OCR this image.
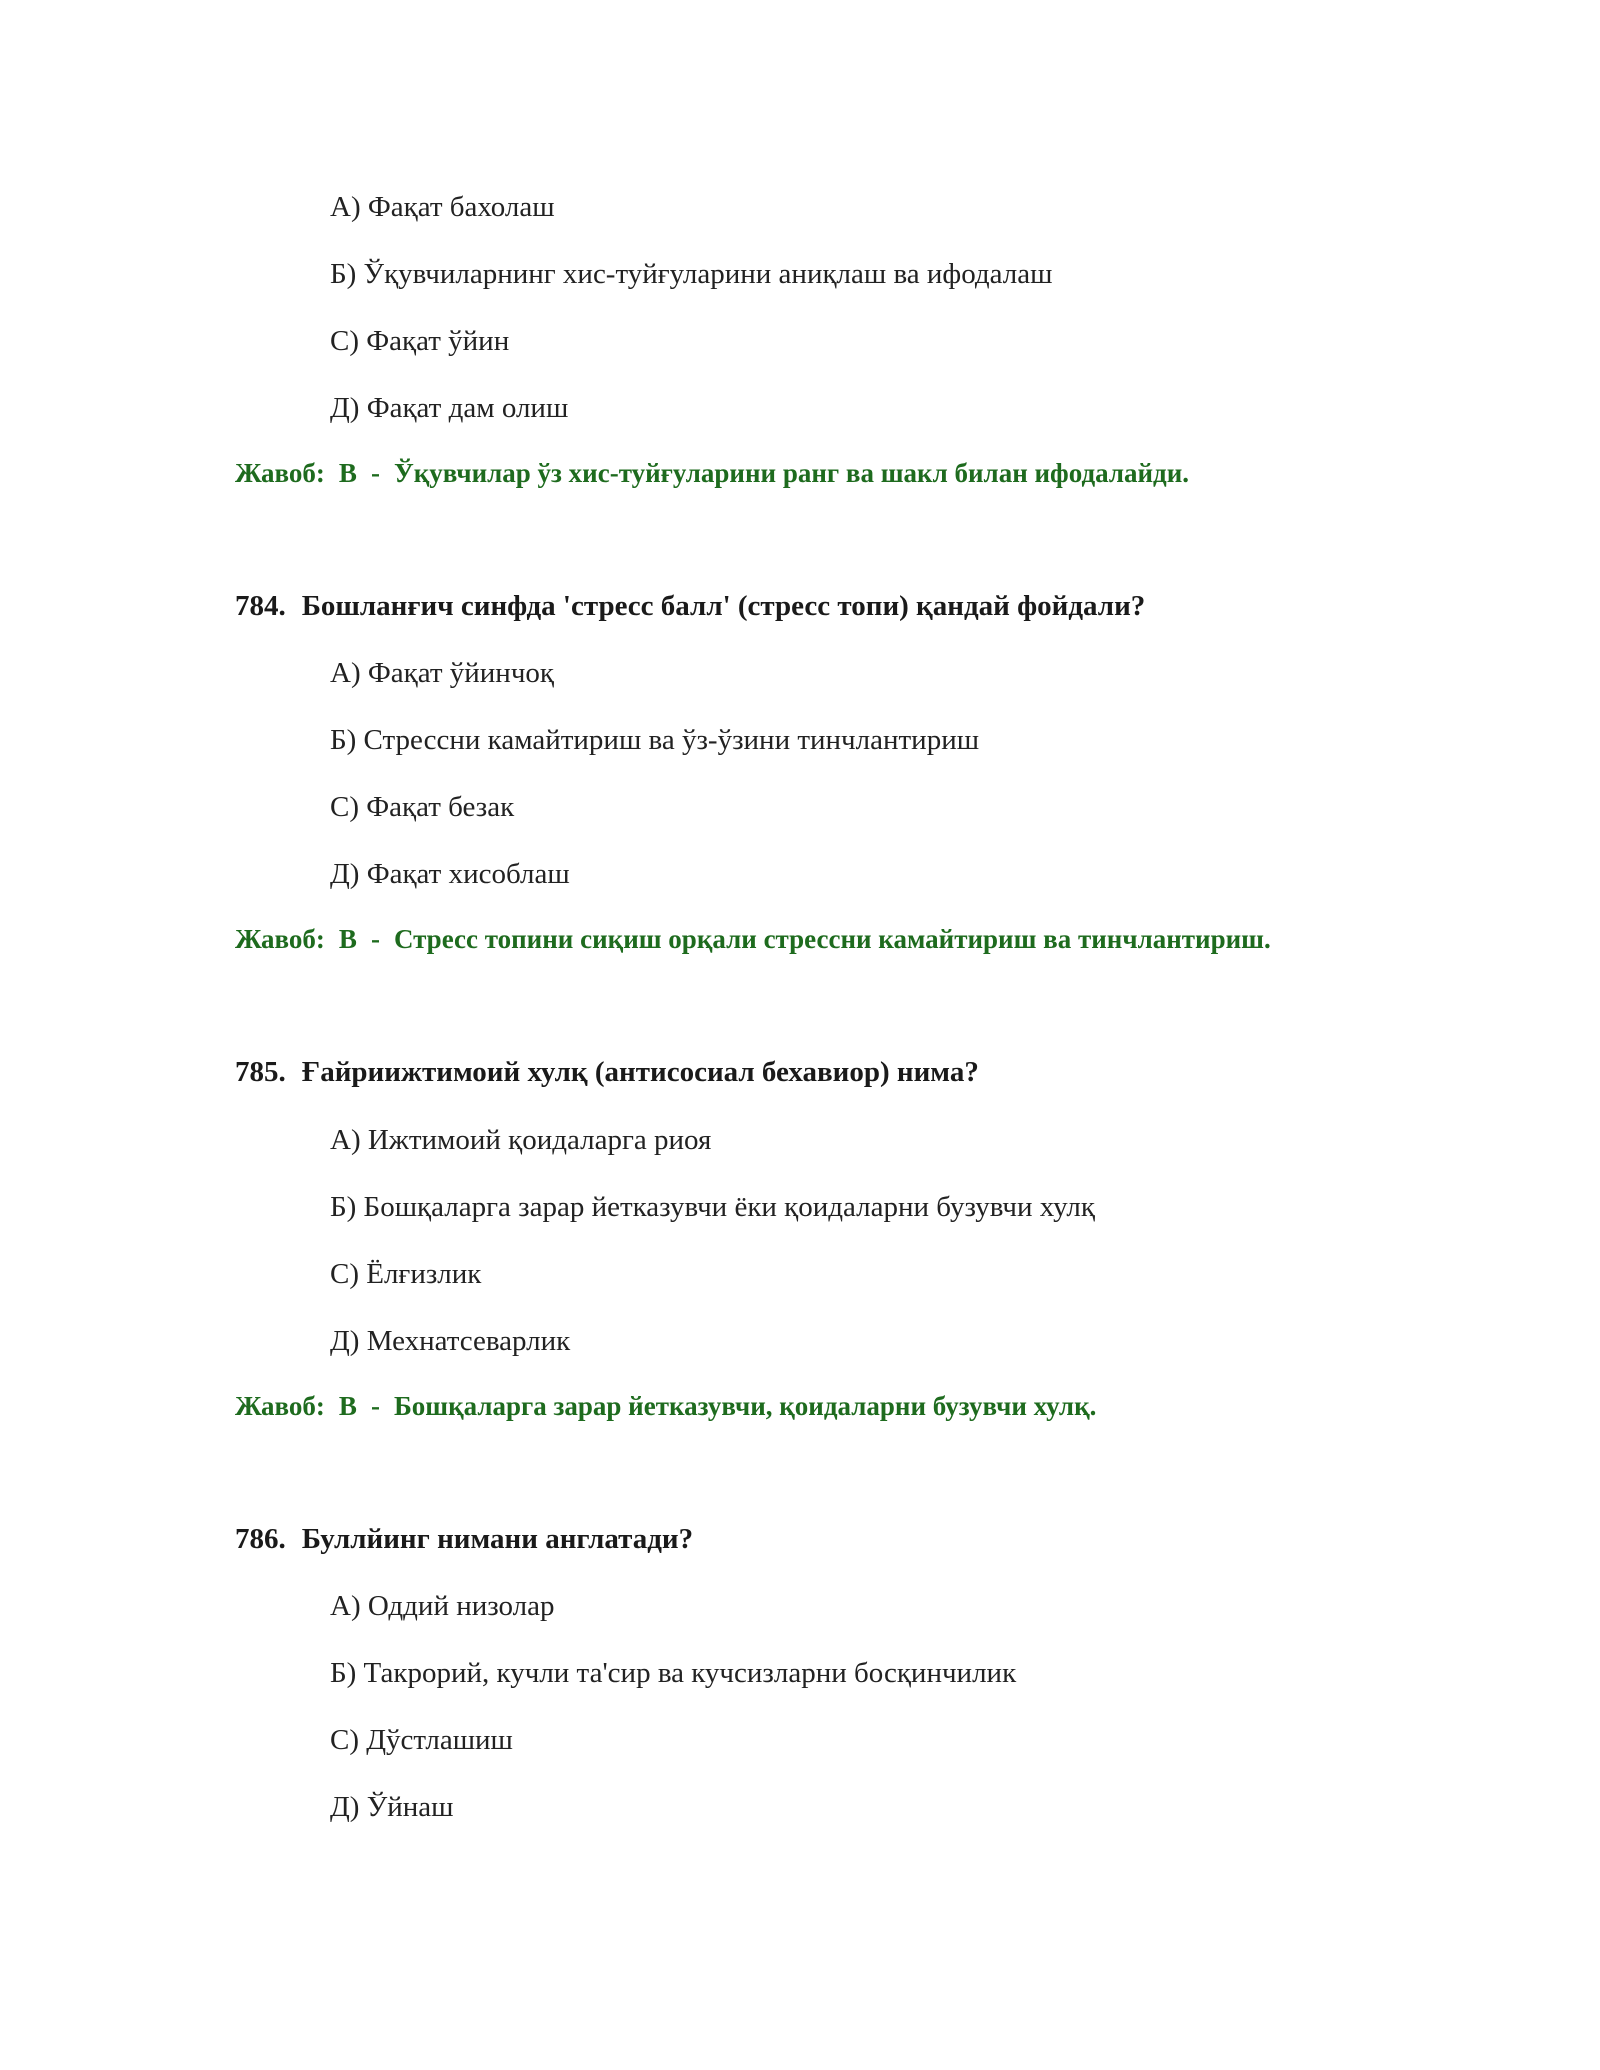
А) Фақат бахолаш
Б) Ўқувчиларнинг хис-туйғуларини аниқлаш ва ифодалаш
С) Фақат ўйин
Д) Фақат дам олиш
Жавоб: B - Ўқувчилар ўз хис-туйғуларини ранг ва шакл билан ифодалайди.
784. Бошланғич синфда 'стресс балл' (стресс топи) қандай фойдали?
А) Фақат ўйинчоқ
Б) Стрессни камайтириш ва ўз-ўзини тинчлантириш
С) Фақат безак
Д) Фақат хисоблаш
Жавоб: B - Стресс топини сиқиш орқали стрессни камайтириш ва тинчлантириш.
785. Ғайриижтимоий хулқ (антисосиал бехавиор) нима?
А) Ижтимоий қоидаларга риоя
Б) Бошқаларга зарар йетказувчи ёки қоидаларни бузувчи хулқ
С) Ёлғизлик
Д) Мехнатсеварлик
Жавоб: B - Бошқаларга зарар йетказувчи, қоидаларни бузувчи хулқ.
786. Буллйинг нимани англатади?
А) Оддий низолар
Б) Такрорий, кучли та'сир ва кучсизларни босқинчилик
С) Дўстлашиш
Д) Ўйнаш
